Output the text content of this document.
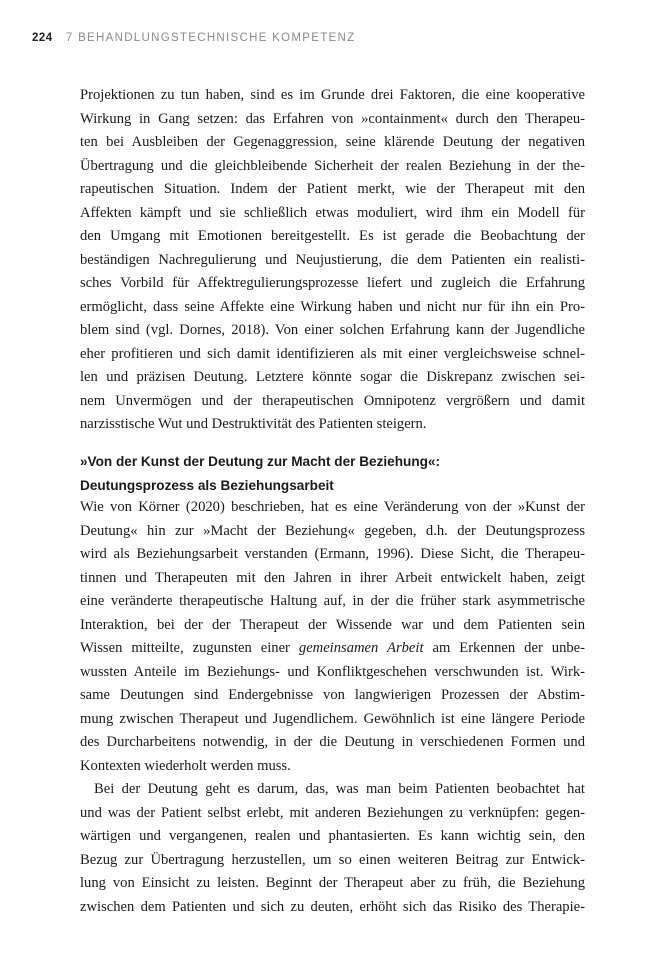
224 7 BEHANDLUNGSTECHNISCHE KOMPETENZ
Projektionen zu tun haben, sind es im Grunde drei Faktoren, die eine kooperative
Wirkung in Gang setzen: das Erfahren von »containment« durch den Therapeu-
ten bei Ausbleiben der Gegenaggression, seine klärende Deutung der negativen
Übertragung und die gleichbleibende Sicherheit der realen Beziehung in der the-
rapeutischen Situation. Indem der Patient merkt, wie der Therapeut mit den
Affekten kämpft und sie schließlich etwas moduliert, wird ihm ein Modell für
den Umgang mit Emotionen bereitgestellt. Es ist gerade die Beobachtung der
beständigen Nachregulierung und Neujustierung, die dem Patienten ein realisti-
sches Vorbild für Affektregulierungsprozesse liefert und zugleich die Erfahrung
ermöglicht, dass seine Affekte eine Wirkung haben und nicht nur für ihn ein Pro-
blem sind (vgl. Dornes, 2018). Von einer solchen Erfahrung kann der Jugendliche
eher profitieren und sich damit identifizieren als mit einer vergleichsweise schnel-
len und präzisen Deutung. Letztere könnte sogar die Diskrepanz zwischen sei-
nem Unvermögen und der therapeutischen Omnipotenz vergrößern und damit
narzisstische Wut und Destruktivität des Patienten steigern.
»Von der Kunst der Deutung zur Macht der Beziehung«:
Deutungsprozess als Beziehungsarbeit
Wie von Körner (2020) beschrieben, hat es eine Veränderung von der »Kunst der
Deutung« hin zur »Macht der Beziehung« gegeben, d.h. der Deutungsprozess
wird als Beziehungsarbeit verstanden (Ermann, 1996). Diese Sicht, die Therapeu-
tinnen und Therapeuten mit den Jahren in ihrer Arbeit entwickelt haben, zeigt
eine veränderte therapeutische Haltung auf, in der die früher stark asymmetrische
Interaktion, bei der der Therapeut der Wissende war und dem Patienten sein
Wissen mitteilte, zugunsten einer gemeinsamen Arbeit am Erkennen der unbe-
wussten Anteile im Beziehungs- und Konfliktgeschehen verschwunden ist. Wirk-
same Deutungen sind Endergebnisse von langwierigen Prozessen der Abstim-
mung zwischen Therapeut und Jugendlichem. Gewöhnlich ist eine längere Periode
des Durcharbeitens notwendig, in der die Deutung in verschiedenen Formen und
Kontexten wiederholt werden muss.
Bei der Deutung geht es darum, das, was man beim Patienten beobachtet hat
und was der Patient selbst erlebt, mit anderen Beziehungen zu verknüpfen: gegen-
wärtigen und vergangenen, realen und phantasierten. Es kann wichtig sein, den
Bezug zur Übertragung herzustellen, um so einen weiteren Beitrag zur Entwick-
lung von Einsicht zu leisten. Beginnt der Therapeut aber zu früh, die Beziehung
zwischen dem Patienten und sich zu deuten, erhöht sich das Risiko des Therapie-
